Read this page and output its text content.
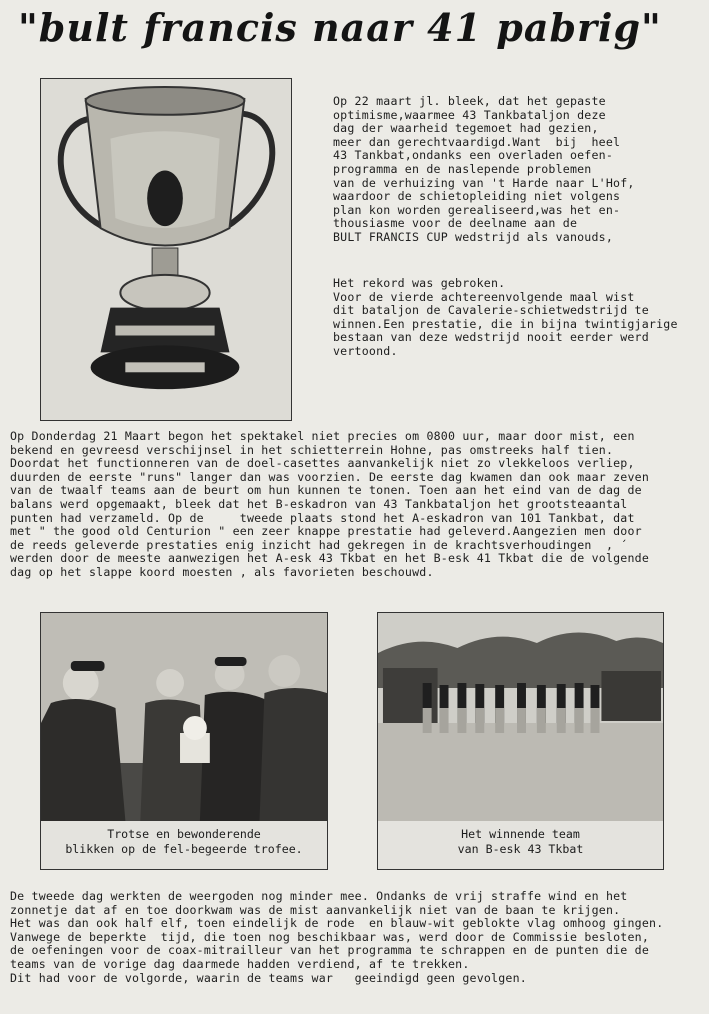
"bult francis naar 41 pabrig"
Op 22 maart jl. bleek, dat het gepaste
optimisme,waarmee 43 Tankbataljon deze
dag der waarheid tegemoet had gezien,
meer dan gerechtvaardigd.Want  bij  heel
43 Tankbat,ondanks een overladen oefen-
programma en de naslepende problemen
van de verhuizing van 't Harde naar L'Hof,
waardoor de schietopleiding niet volgens
plan kon worden gerealiseerd,was het en-
thousiasme voor de deelname aan de
BULT FRANCIS CUP wedstrijd als vanouds,
Het rekord was gebroken.
Voor de vierde achtereenvolgende maal wist
dit bataljon de Cavalerie-schietwedstrijd te
winnen.Een prestatie, die in bijna twintigjarige
bestaan van deze wedstrijd nooit eerder werd
vertoond.
Op Donderdag 21 Maart begon het spektakel niet precies om 0800 uur, maar door mist, een
bekend en gevreesd verschijnsel in het schietterrein Hohne, pas omstreeks half tien.
Doordat het functionneren van de doel-casettes aanvankelijk niet zo vlekkeloos verliep,
duurden de eerste "runs" langer dan was voorzien. De eerste dag kwamen dan ook maar zeven
van de twaalf teams aan de beurt om hun kunnen te tonen. Toen aan het eind van de dag de
balans werd opgemaakt, bleek dat het B-eskadron van 43 Tankbataljon het grootsteaantal
punten had verzameld. Op de     tweede plaats stond het A-eskadron van 101 Tankbat, dat
met " the good old Centurion " een zeer knappe prestatie had geleverd.Aangezien men door
de reeds geleverde prestaties enig inzicht had gekregen in de krachtsverhoudingen  , ´
werden door de meeste aanwezigen het A-esk 43 Tkbat en het B-esk 41 Tkbat die de volgende
dag op het slappe koord moesten , als favorieten beschouwd.
Trotse en bewonderende
blikken op de fel-begeerde trofee.
Het winnende team
van B-esk 43 Tkbat
De tweede dag werkten de weergoden nog minder mee. Ondanks de vrij straffe wind en het
zonnetje dat af en toe doorkwam was de mist aanvankelijk niet van de baan te krijgen.
Het was dan ook half elf, toen eindelijk de rode  en blauw-wit geblokte vlag omhoog gingen.
Vanwege de beperkte  tijd, die toen nog beschikbaar was, werd door de Commissie besloten,
de oefeningen voor de coax-mitrailleur van het programma te schrappen en de punten die de
teams van de vorige dag daarmede hadden verdiend, af te trekken.
Dit had voor de volgorde, waarin de teams war   geeindigd geen gevolgen.
